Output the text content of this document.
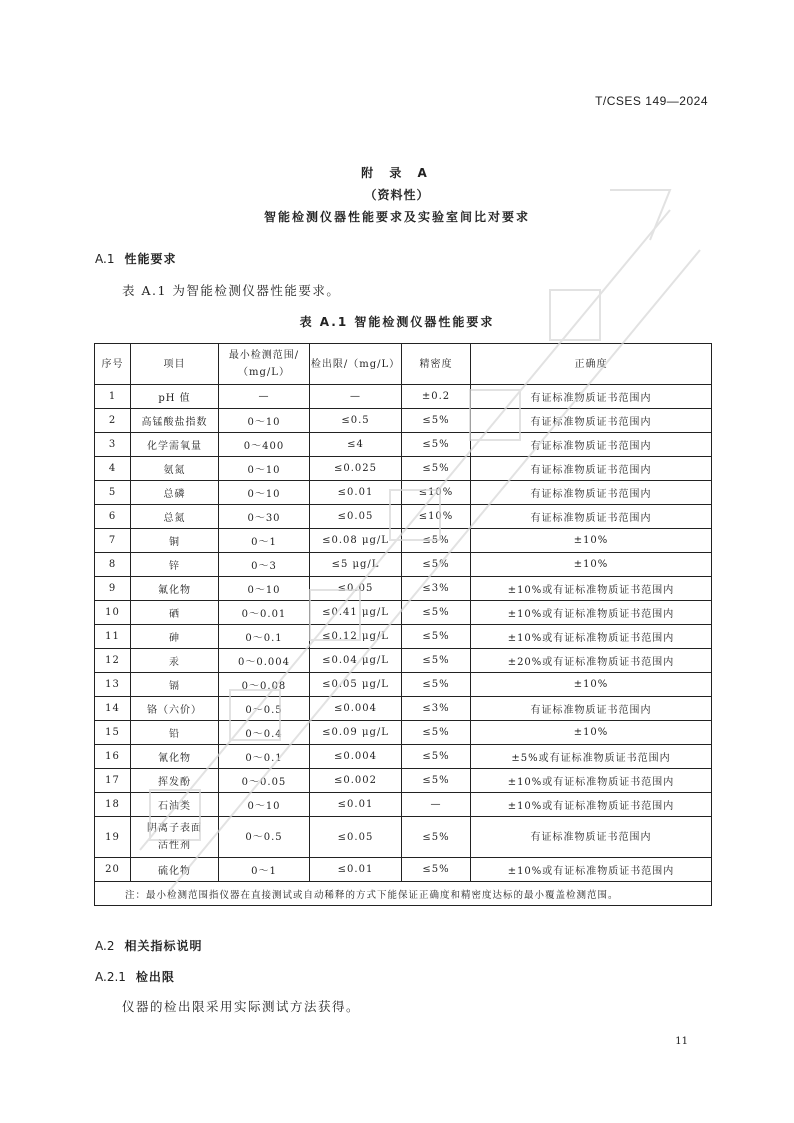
T/CSES 149—2024
附 录 A
（资料性）
智能检测仪器性能要求及实验室间比对要求
A.1 性能要求
表 A.1 为智能检测仪器性能要求。
表 A.1 智能检测仪器性能要求
序号	项目	最小检测范围/
（mg/L）	检出限/（mg/L）	精密度	正确度
1	pH 值	—	—	±0.2	有证标准物质证书范围内
2	高锰酸盐指数	0～10	≤0.5	≤5%	有证标准物质证书范围内
3	化学需氧量	0～400	≤4	≤5%	有证标准物质证书范围内
4	氨氮	0～10	≤0.025	≤5%	有证标准物质证书范围内
5	总磷	0～10	≤0.01	≤10%	有证标准物质证书范围内
6	总氮	0～30	≤0.05	≤10%	有证标准物质证书范围内
7	铜	0～1	≤0.08 μg/L	≤5%	±10%
8	锌	0～3	≤5 μg/L	≤5%	±10%
9	氟化物	0～10	≤0.05	≤3%	±10%或有证标准物质证书范围内
10	硒	0～0.01	≤0.41 μg/L	≤5%	±10%或有证标准物质证书范围内
11	砷	0～0.1	≤0.12 μg/L	≤5%	±10%或有证标准物质证书范围内
12	汞	0～0.004	≤0.04 μg/L	≤5%	±20%或有证标准物质证书范围内
13	镉	0～0.08	≤0.05 μg/L	≤5%	±10%
14	铬（六价）	0～0.5	≤0.004	≤3%	有证标准物质证书范围内
15	铅	0～0.4	≤0.09 μg/L	≤5%	±10%
16	氰化物	0～0.1	≤0.004	≤5%	±5%或有证标准物质证书范围内
17	挥发酚	0～0.05	≤0.002	≤5%	±10%或有证标准物质证书范围内
18	石油类	0～10	≤0.01	—	±10%或有证标准物质证书范围内
19	阴离子表面
活性剂	0～0.5	≤0.05	≤5%	有证标准物质证书范围内
20	硫化物	0～1	≤0.01	≤5%	±10%或有证标准物质证书范围内
注：最小检测范围指仪器在直接测试或自动稀释的方式下能保证正确度和精密度达标的最小覆盖检测范围。					
A.2 相关指标说明
A.2.1 检出限
仪器的检出限采用实际测试方法获得。
11
